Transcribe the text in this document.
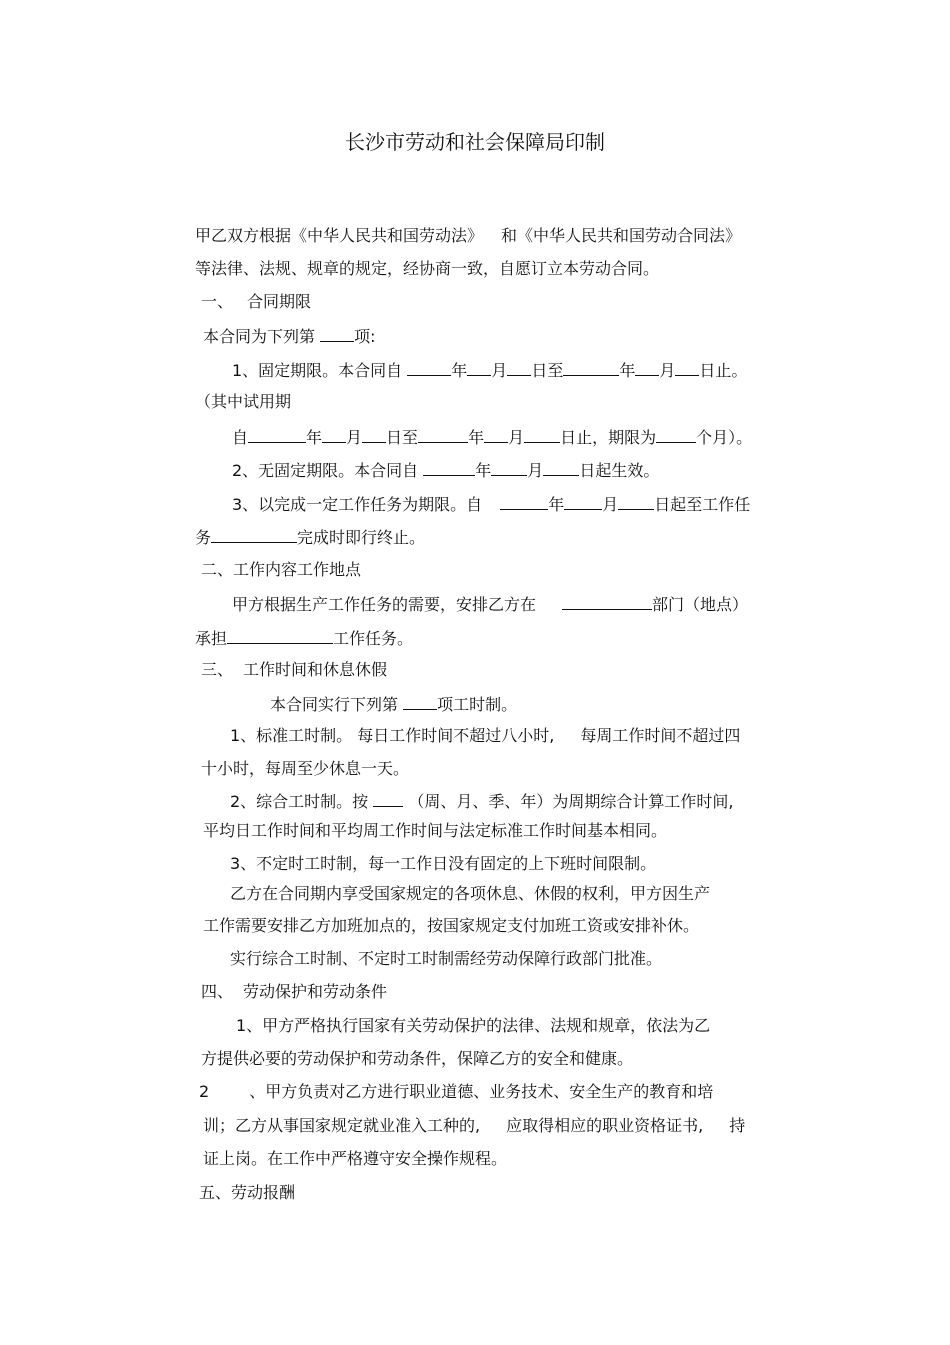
长沙市劳动和社会保障局印制
甲乙双方根据《中华人民共和国劳动法》 和《中华人民共和国劳动合同法》
等法律、法规、规章的规定，经协商一致，自愿订立本劳动合同。
一、 合同期限
本合同为下列第 项:
1、固定期限。本合同自	年 月 日至	年 月 日止。
（其中试用期
自	年 月 日至	年 月 日止，期限为	个月）。
2、无固定期限。本合同自	年 月 日起生效。
3、以完成一定工作任务为期限。自	年 月 日起至工作任
务	完成时即行终止。
二、工作内容工作地点
甲方根据生产工作任务的需要，安排乙方在	部门（地点）
承担	工作任务。
三、 工作时间和休息休假
本合同实行下列第 项工时制。
1、标准工时制。 每日工作时间不超过八小时, 每周工作时间不超过四
十小时，每周至少休息一天。
2、综合工时制。按	（周、月、季、年）为周期综合计算工作时间,
平均日工作时间和平均周工作时间与法定标准工作时间基本相同。
3、不定时工时制，每一工作日没有固定的上下班时间限制。
乙方在合同期内享受国家规定的各项休息、休假的权利，甲方因生产
工作需要安排乙方加班加点的，按国家规定支付加班工资或安排补休。
实行综合工时制、不定时工时制需经劳动保障行政部门批准。
四、 劳动保护和劳动条件
1、甲方严格执行国家有关劳动保护的法律、法规和规章，依法为乙
方提供必要的劳动保护和劳动条件，保障乙方的安全和健康。
2	、甲方负责对乙方进行职业道德、业务技术、安全生产的教育和培
训；乙方从事国家规定就业准入工种的, 应取得相应的职业资格证书, 持
证上岗。在工作中严格遵守安全操作规程。
五、劳动报酬
